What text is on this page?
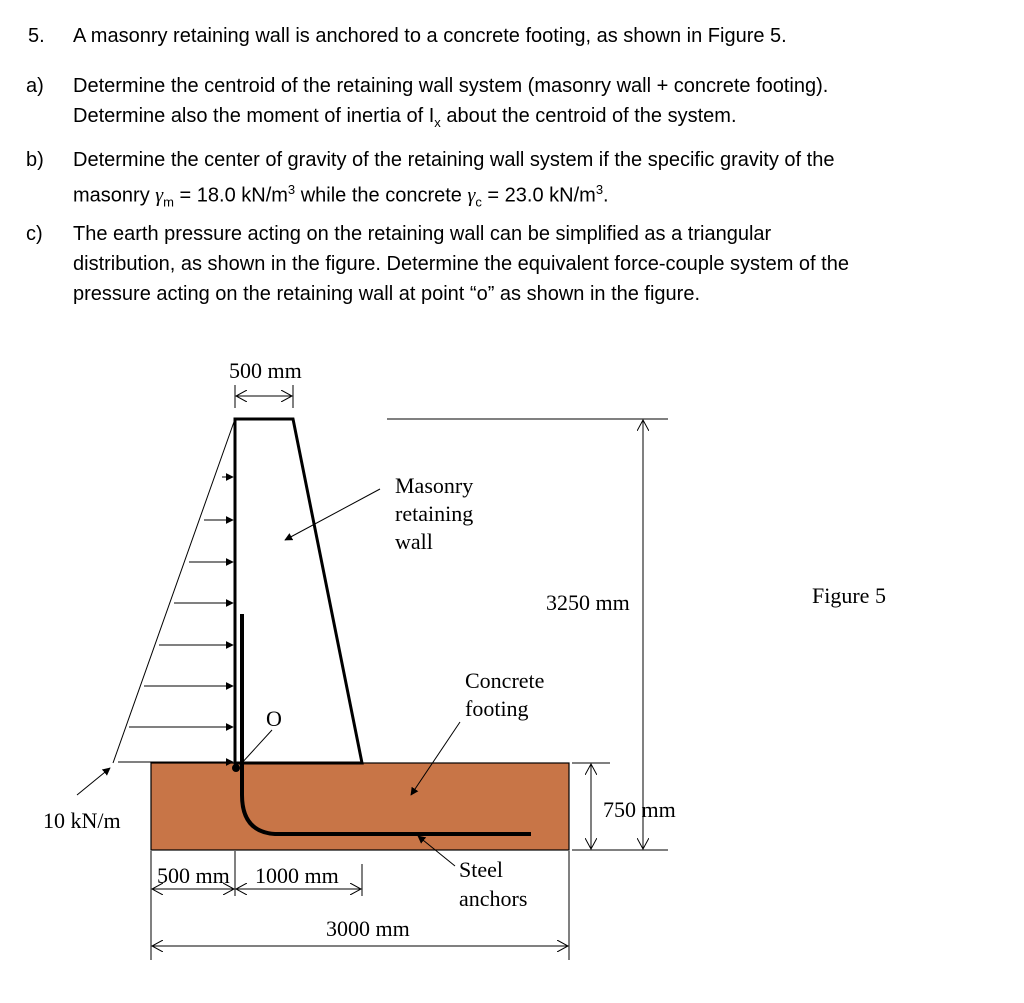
5. A masonry retaining wall is anchored to a concrete footing, as shown in Figure 5.
a) Determine the centroid of the retaining wall system (masonry wall + concrete footing).
Determine also the moment of inertia of $I_x$ about the centroid of the system.
b) Determine the center of gravity of the retaining wall system if the specific gravity of the
masonry $\gamma_m = 18.0$ $kN/m^3$ while the concrete $\gamma_c = 23.0$ $kN/m^3$.
c) The earth pressure acting on the retaining wall can be simplified as a triangular
distribution, as shown in the figure. Determine the equivalent force-couple system of the
pressure acting on the retaining wall at point “o” as shown in the figure.
O
500 mm
Masonry
retaining
wall
3250 mm
Concrete
footing
750 mm
10 kN/m
Steel
anchors
500 mm 1000 mm
3000 mm
Figure 5
